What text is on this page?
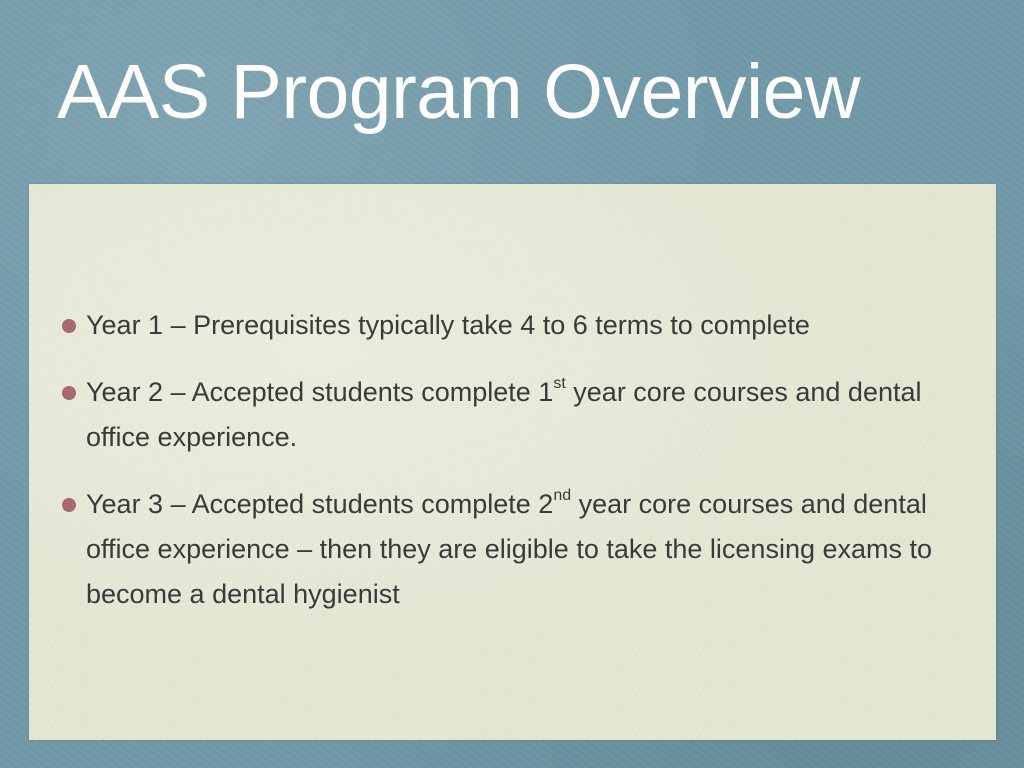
AAS Program Overview
Year 1 – Prerequisites typically take 4 to 6 terms to complete
Year 2 – Accepted students complete 1st year core courses and dental office experience.
Year 3 – Accepted students complete 2nd year core courses and dental office experience – then they are eligible to take the licensing exams to become a dental hygienist
